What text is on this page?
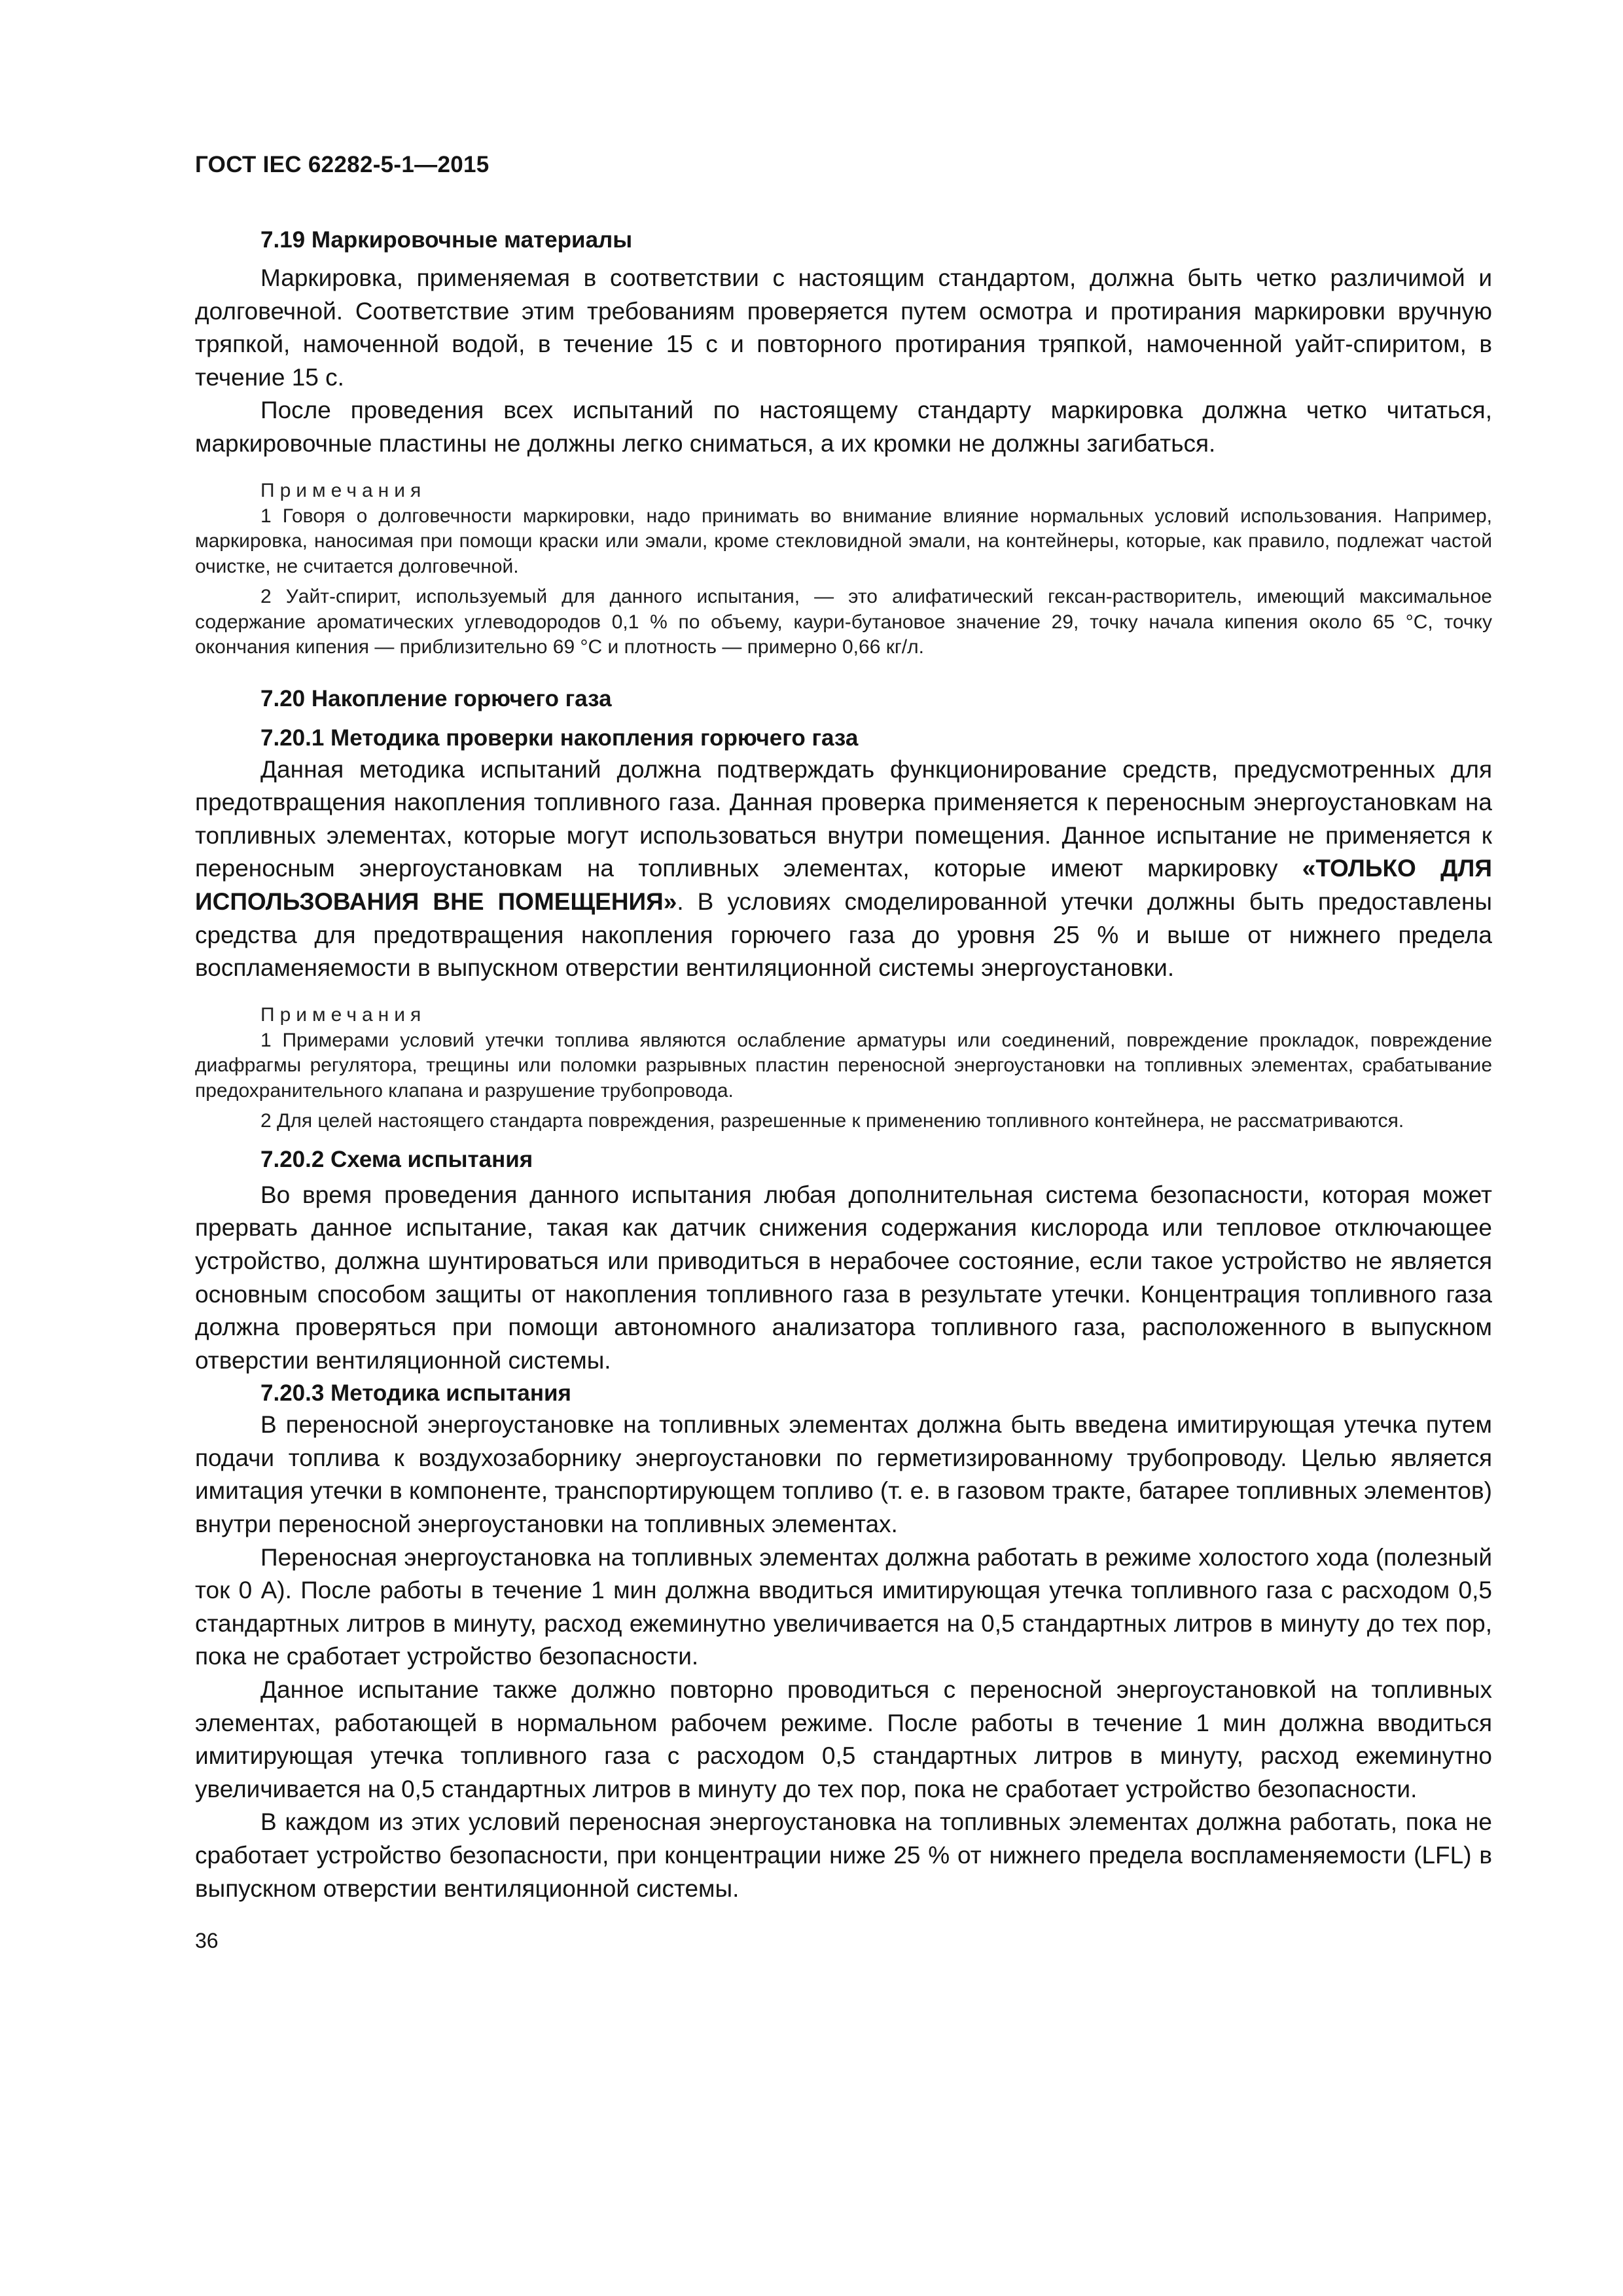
ГОСТ IEC 62282-5-1—2015
7.19 Маркировочные материалы

Маркировка, применяемая в соответствии с настоящим стандартом, должна быть четко различимой и долговечной. Соответствие этим требованиям проверяется путем осмотра и протирания маркировки вручную тряпкой, намоченной водой, в течение 15 с и повторного протирания тряпкой, намоченной уайт-спиритом, в течение 15 с.

После проведения всех испытаний по настоящему стандарту маркировка должна четко читаться, маркировочные пластины не должны легко сниматься, а их кромки не должны загибаться.

Примечания

1 Говоря о долговечности маркировки, надо принимать во внимание влияние нормальных условий использования. Например, маркировка, наносимая при помощи краски или эмали, кроме стекловидной эмали, на контейнеры, которые, как правило, подлежат частой очистке, не считается долговечной.

2 Уайт-спирит, используемый для данного испытания, — это алифатический гексан-растворитель, имеющий максимальное содержание ароматических углеводородов 0,1 % по объему, каури-бутановое значение 29, точку начала кипения около 65 °C, точку окончания кипения — приблизительно 69 °C и плотность — примерно 0,66 кг/л.

7.20 Накопление горючего газа
7.20.1 Методика проверки накопления горючего газа

Данная методика испытаний должна подтверждать функционирование средств, предусмотренных для предотвращения накопления топливного газа. Данная проверка применяется к переносным энергоустановкам на топливных элементах, которые могут использоваться внутри помещения. Данное испытание не применяется к переносным энергоустановкам на топливных элементах, которые имеют маркировку «ТОЛЬКО ДЛЯ ИСПОЛЬЗОВАНИЯ ВНЕ ПОМЕЩЕНИЯ». В условиях смоделированной утечки должны быть предоставлены средства для предотвращения накопления горючего газа до уровня 25 % и выше от нижнего предела воспламеняемости в выпускном отверстии вентиляционной системы энергоустановки.

Примечания

1 Примерами условий утечки топлива являются ослабление арматуры или соединений, повреждение прокладок, повреждение диафрагмы регулятора, трещины или поломки разрывных пластин переносной энергоустановки на топливных элементах, срабатывание предохранительного клапана и разрушение трубопровода.

2 Для целей настоящего стандарта повреждения, разрешенные к применению топливного контейнера, не рассматриваются.

7.20.2 Схема испытания

Во время проведения данного испытания любая дополнительная система безопасности, которая может прервать данное испытание, такая как датчик снижения содержания кислорода или тепловое отключающее устройство, должна шунтироваться или приводиться в нерабочее состояние, если такое устройство не является основным способом защиты от накопления топливного газа в результате утечки. Концентрация топливного газа должна проверяться при помощи автономного анализатора топливного газа, расположенного в выпускном отверстии вентиляционной системы.

7.20.3 Методика испытания

В переносной энергоустановке на топливных элементах должна быть введена имитирующая утечка путем подачи топлива к воздухозаборнику энергоустановки по герметизированному трубопроводу. Целью является имитация утечки в компоненте, транспортирующем топливо (т. е. в газовом тракте, батарее топливных элементов) внутри переносной энергоустановки на топливных элементах.

Переносная энергоустановка на топливных элементах должна работать в режиме холостого хода (полезный ток 0 А). После работы в течение 1 мин должна вводиться имитирующая утечка топливного газа с расходом 0,5 стандартных литров в минуту, расход ежеминутно увеличивается на 0,5 стандартных литров в минуту до тех пор, пока не сработает устройство безопасности.

Данное испытание также должно повторно проводиться с переносной энергоустановкой на топливных элементах, работающей в нормальном рабочем режиме. После работы в течение 1 мин должна вводиться имитирующая утечка топливного газа с расходом 0,5 стандартных литров в минуту, расход ежеминутно увеличивается на 0,5 стандартных литров в минуту до тех пор, пока не сработает устройство безопасности.

В каждом из этих условий переносная энергоустановка на топливных элементах должна работать, пока не сработает устройство безопасности, при концентрации ниже 25 % от нижнего предела воспламеняемости (LFL) в выпускном отверстии вентиляционной системы.

36
